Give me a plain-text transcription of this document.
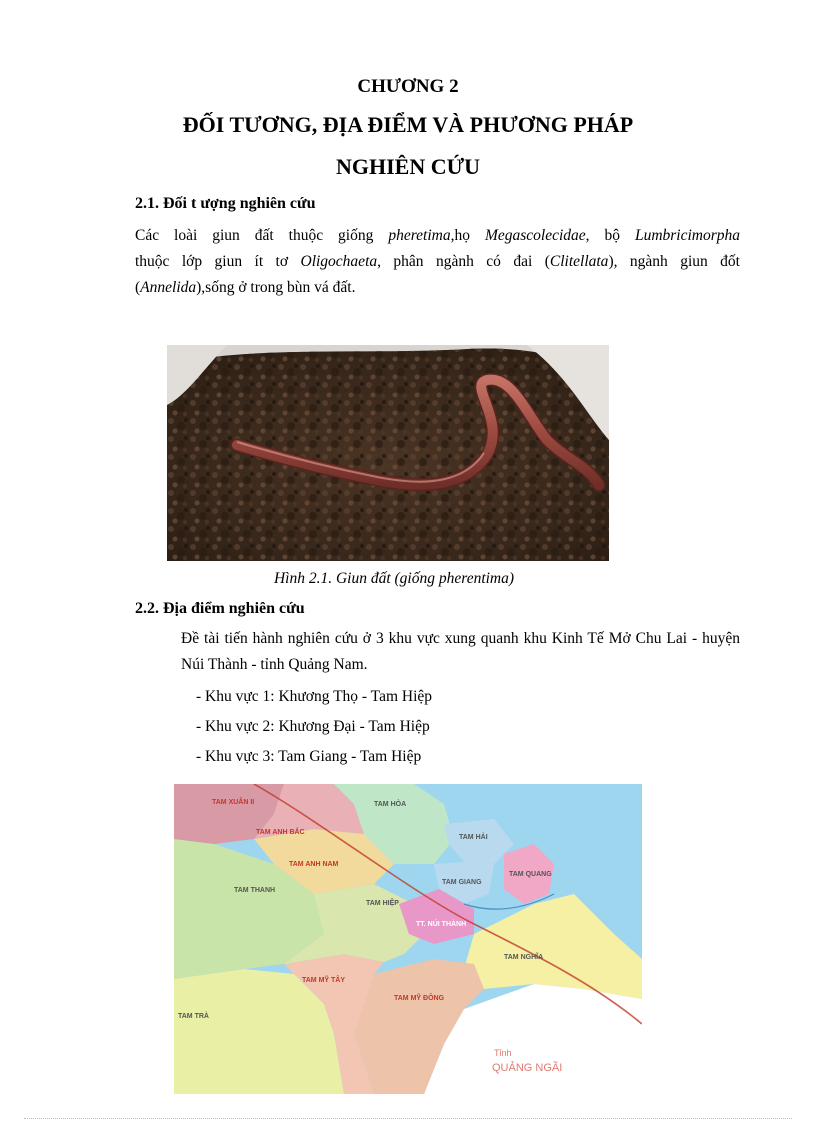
CHƯƠNG 2
ĐỐI TƯƠNG, ĐỊA ĐIỂM VÀ PHƯƠNG PHÁP
NGHIÊN CỨU
2.1. Đối t ượng nghiên cứu
Các loài giun đất thuộc giống pheretima,họ Megascolecidae, bộ Lumbricimorpha
thuộc lớp giun ít tơ Oligochaeta, phân ngành có đai (Clitellata), ngành giun đốt
(Annelida),sống ở trong bùn vá đất.
Hình 2.1. Giun đất (giống pherentima)
2.2. Địa điểm nghiên cứu
Đề tài tiến hành nghiên cứu ở 3 khu vực xung quanh khu Kinh Tế Mở Chu Lai - huyện Núi Thành - tỉnh Quảng Nam.
- Khu vực 1: Khương Thọ - Tam Hiệp
- Khu vực 2: Khương Đại - Tam Hiệp
- Khu vực 3: Tam Giang - Tam Hiệp
TAM XUÂN II
TAM ANH BẮC
TAM HÒA
TAM HẢI
TAM QUANG
TAM ANH NAM
TAM GIANG
TAM THANH
TAM HIỆP
TT. NÚI THÀNH
TAM NGHĨA
TAM MỸ TÂY
TAM MỸ ĐÔNG
TAM TRÀ
Tỉnh
QUẢNG NGÃI
